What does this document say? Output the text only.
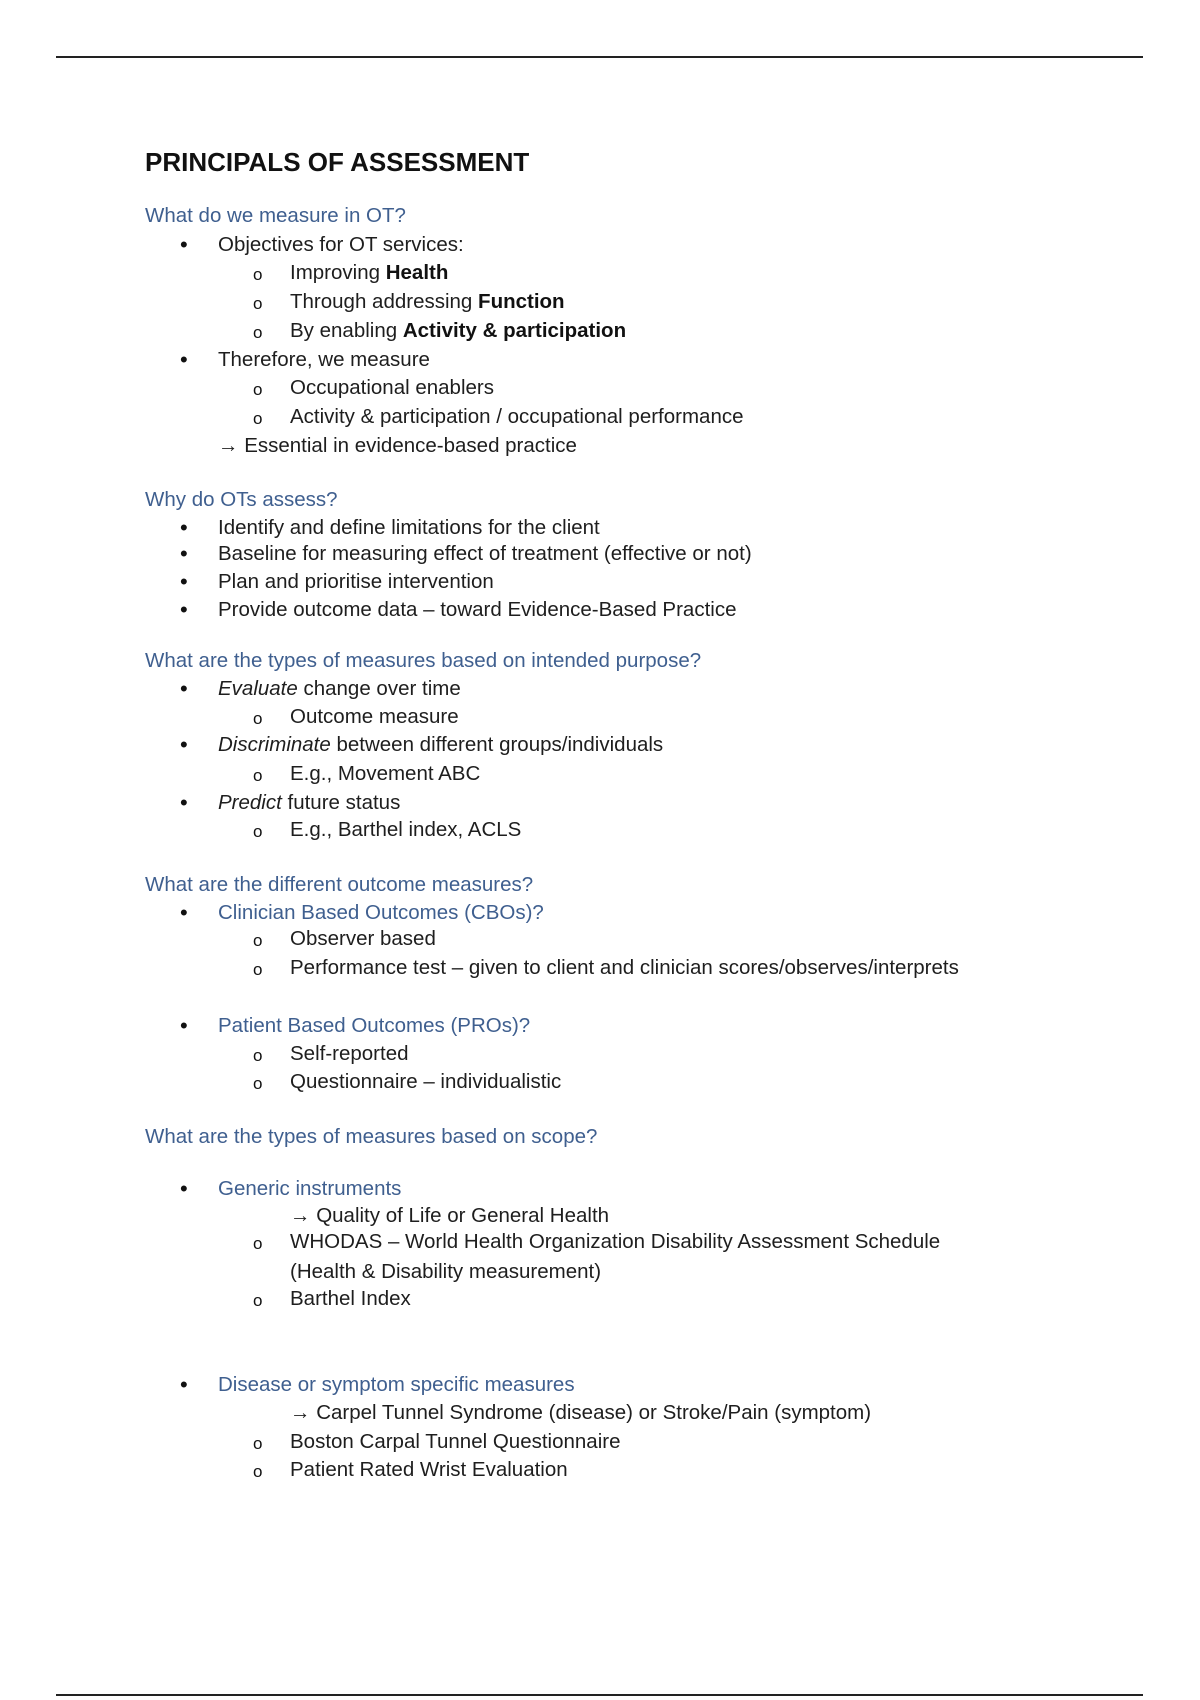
PRINCIPALS OF ASSESSMENT
What do we measure in OT?
• Objectives for OT services:
o Improving Health
o Through addressing Function
o By enabling Activity & participation
• Therefore, we measure
o Occupational enablers
o Activity & participation / occupational performance
→ Essential in evidence-based practice
Why do OTs assess?
• Identify and define limitations for the client
• Baseline for measuring effect of treatment (effective or not)
• Plan and prioritise intervention
• Provide outcome data – toward Evidence-Based Practice
What are the types of measures based on intended purpose?
• Evaluate change over time
o Outcome measure
• Discriminate between different groups/individuals
o E.g., Movement ABC
• Predict future status
o E.g., Barthel index, ACLS
What are the different outcome measures?
• Clinician Based Outcomes (CBOs)?
o Observer based
o Performance test – given to client and clinician scores/observes/interprets
• Patient Based Outcomes (PROs)?
o Self-reported
o Questionnaire – individualistic
What are the types of measures based on scope?
• Generic instruments
→ Quality of Life or General Health
o WHODAS – World Health Organization Disability Assessment Schedule
(Health & Disability measurement)
o Barthel Index
• Disease or symptom specific measures
→ Carpel Tunnel Syndrome (disease) or Stroke/Pain (symptom)
o Boston Carpal Tunnel Questionnaire
o Patient Rated Wrist Evaluation
